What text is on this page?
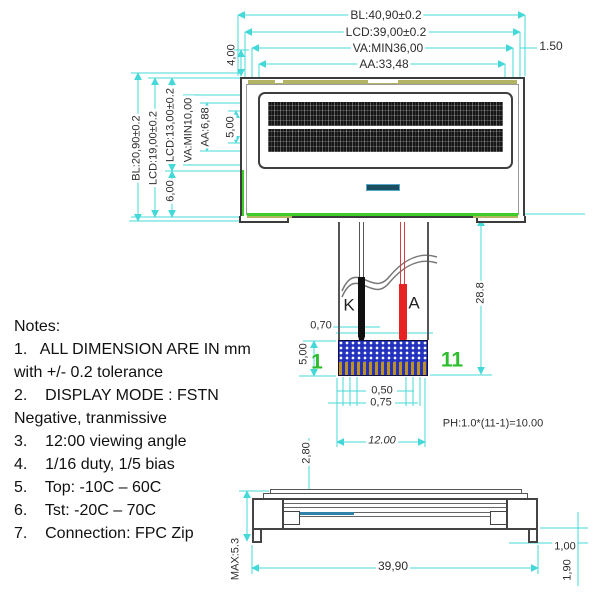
BL:40,90±0.2
LCD:39,00±0.2
VA:MIN36,00
AA:33,48
1.50
4,00
BL:20,90±0.2 LCD:19,00±0.2 LCD:13,00±0.2
6,00
VA:MIN10,00 AA:6,88 5,00
K	A
0,70
5,00 1	11
28.8
0,50
0,75
PH:1.0*(11-1)=10.00
12.00
2,80
MAX:5.3	39,90
1,00
1,90
Notes:
1.   ALL DIMENSION ARE IN mm
with +/- 0.2 tolerance
2.    DISPLAY MODE : FSTN
Negative, tranmissive
3.    12:00 viewing angle
4.    1/16 duty, 1/5 bias
5.    Top: -10C – 60C
6.    Tst: -20C – 70C
7.    Connection: FPC Zip
